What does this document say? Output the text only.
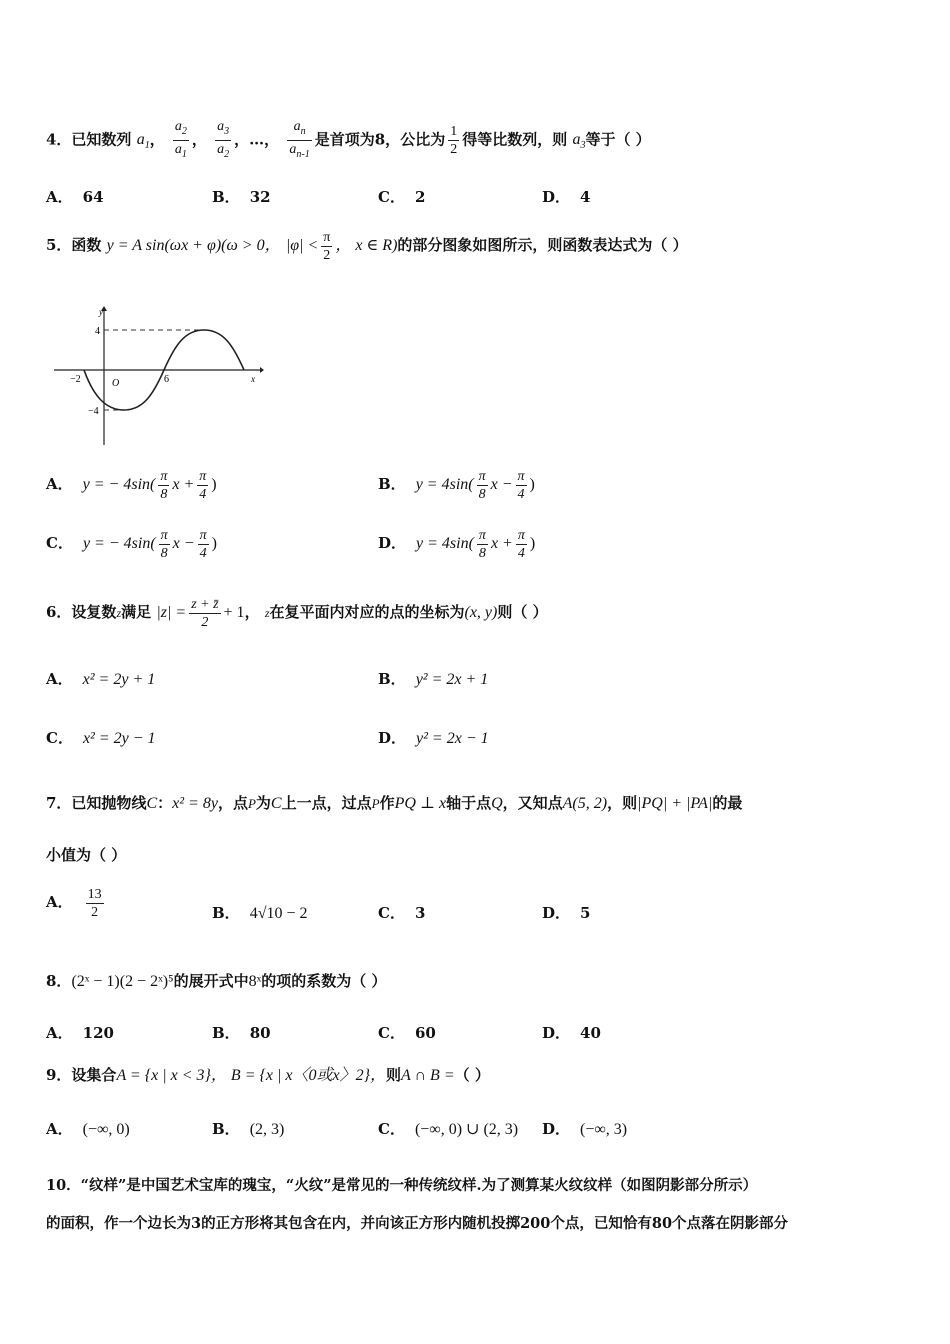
4．已知数列 $a_1$， $\frac{a_2}{a_1}$ ， $\frac{a_3}{a_2}$ ，…， $\frac{a_n}{a_{n-1}}$ 是首项为8，公比为 $\frac{1}{2}$ 得等比数列，则 $a_3$等于（ ）
A． 64	B． 32	C． 2	D． 4
5．函数 y = A sin(ωx + φ)(ω > 0， $|\varphi| < \frac{\pi}{2}$ ， x ∈ R)的部分图象如图所示，则函数表达式为（ ）
y
x
O
4
−4
−2	6
A． y = − $4\sin( \frac{\pi}{8}$ $x + \frac{\pi}{4}$ )	B． $y = 4\sin( \frac{\pi}{8}$ $x - \frac{\pi}{4}$ )
C． y = − $4\sin( \frac{\pi}{8}$ $x - \frac{\pi}{4}$ )	D． $y = 4\sin( \frac{\pi}{8}$ $x + \frac{\pi}{4}$ )
6．设复数z满足 $|z| = \frac{z + z̄}{2} + 1$， z在复平面内对应的点的坐标为(x, y)则（ ）
A． x² = 2y + 1	B． y² = 2x + 1
C． x² = 2y − 1	D． y² = 2x − 1
7．已知抛物线C：x² = 8y，点P为C上一点，过点P作PQ ⊥ x轴于点Q，又知点A(5, 2)，则|PQ| + |PA|的最
小值为（ ）
A． $\frac{13}{2}$	B． 4√10 − 2	C． 3	D． 5
8．(2ˣ − 1)(2 − 2ˣ)⁵的展开式中8ˣ的项的系数为（ ）
A． 120	B． 80	C． 60	D． 40
9．设集合A = {x | x < 3}， B = {x | x〈0或x〉2}，则A ∩ B =（ ）
A． (−∞, 0)	B． (2, 3)	C． (−∞, 0) ∪ (2, 3) D． (−∞, 3)
10．“纹样”是中国艺术宝库的瑰宝，“火纹”是常见的一种传统纹样.为了测算某火纹纹样（如图阴影部分所示）
的面积，作一个边长为3的正方形将其包含在内，并向该正方形内随机投掷200个点，已知恰有80个点落在阴影部分
